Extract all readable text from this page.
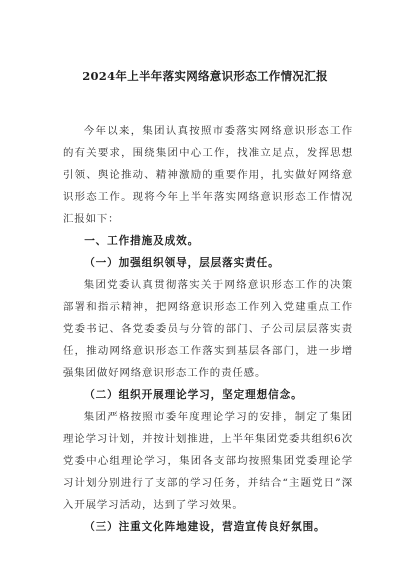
2024年上半年落实网络意识形态工作情况汇报
今年以来，集团认真按照市委落实网络意识形态工作的有关要求，围绕集团中心工作，找准立足点，发挥思想引领、舆论推动、精神激励的重要作用，扎实做好网络意识形态工作。现将今年上半年落实网络意识形态工作情况汇报如下：
一、工作措施及成效。
（一）加强组织领导，层层落实责任。
集团党委认真贯彻落实关于网络意识形态工作的决策部署和指示精神，把网络意识形态工作列入党建重点工作党委书记、各党委委员与分管的部门、子公司层层落实责任，推动网络意识形态工作落实到基层各部门，进一步增强集团做好网络意识形态工作的责任感。
（二）组织开展理论学习，坚定理想信念。
集团严格按照市委年度理论学习的安排，制定了集团理论学习计划，并按计划推进，上半年集团党委共组织6次党委中心组理论学习，集团各支部均按照集团党委理论学习计划分别进行了支部的学习任务，并结合“主题党日”深入开展学习活动，达到了学习效果。
（三）注重文化阵地建设，营造宣传良好氛围。
